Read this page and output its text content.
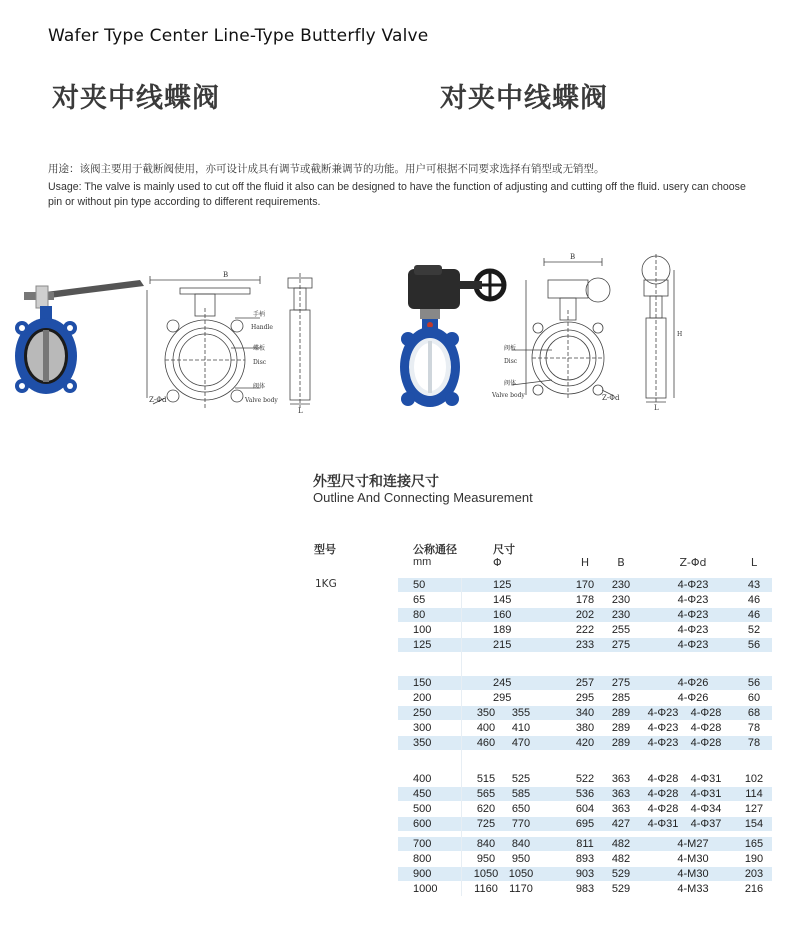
Wafer Type Center Line-Type Butterfly Valve
对夹中线蝶阀	对夹中线蝶阀
用途：该阀主要用于截断阀使用，亦可设计成具有调节或截断兼调节的功能。用户可根据不同要求选择有销型或无销型。
Usage: The valve is mainly used to cut off the fluid it also can be designed to have the function of adjusting and cutting off the fluid. usery can choose pin or without pin type according to different requirements.
B
手柄
Handle
蝶板
Disc
阀体
Valve body
Z-Φd
L
B
阀板
Disc
阀体
Valve body	Z-Φd
H
L
外型尺寸和连接尺寸
Outline And Connecting Measurement
型号	公称通径
mm
尺寸
Φ	H	B	Z-Φd	L
1KG	50	125	170	230	4-Φ23	43
65	145	178	230	4-Φ23	46
80	160	202	230	4-Φ23	46
100	189	222	255	4-Φ23	52
125	215	233	275	4-Φ23	56
150	245	257	275	4-Φ26	56
200	295	295	285	4-Φ26	60
250	350	355	340	289	4-Φ23	4-Φ28	68
300	400	410	380	289	4-Φ23	4-Φ28	78
350	460	470	420	289	4-Φ23	4-Φ28	78
400	515	525	522	363	4-Φ28	4-Φ31	102
450	565	585	536	363	4-Φ28	4-Φ31	114
500	620	650	604	363	4-Φ28	4-Φ34	127
600	725	770	695	427	4-Φ31	4-Φ37	154
700	840	840	811	482	4-M27	165
800	950	950	893	482	4-M30	190
900	1050 1050	903	529	4-M30	203
1000	1160 1170	983	529	4-M33	216
